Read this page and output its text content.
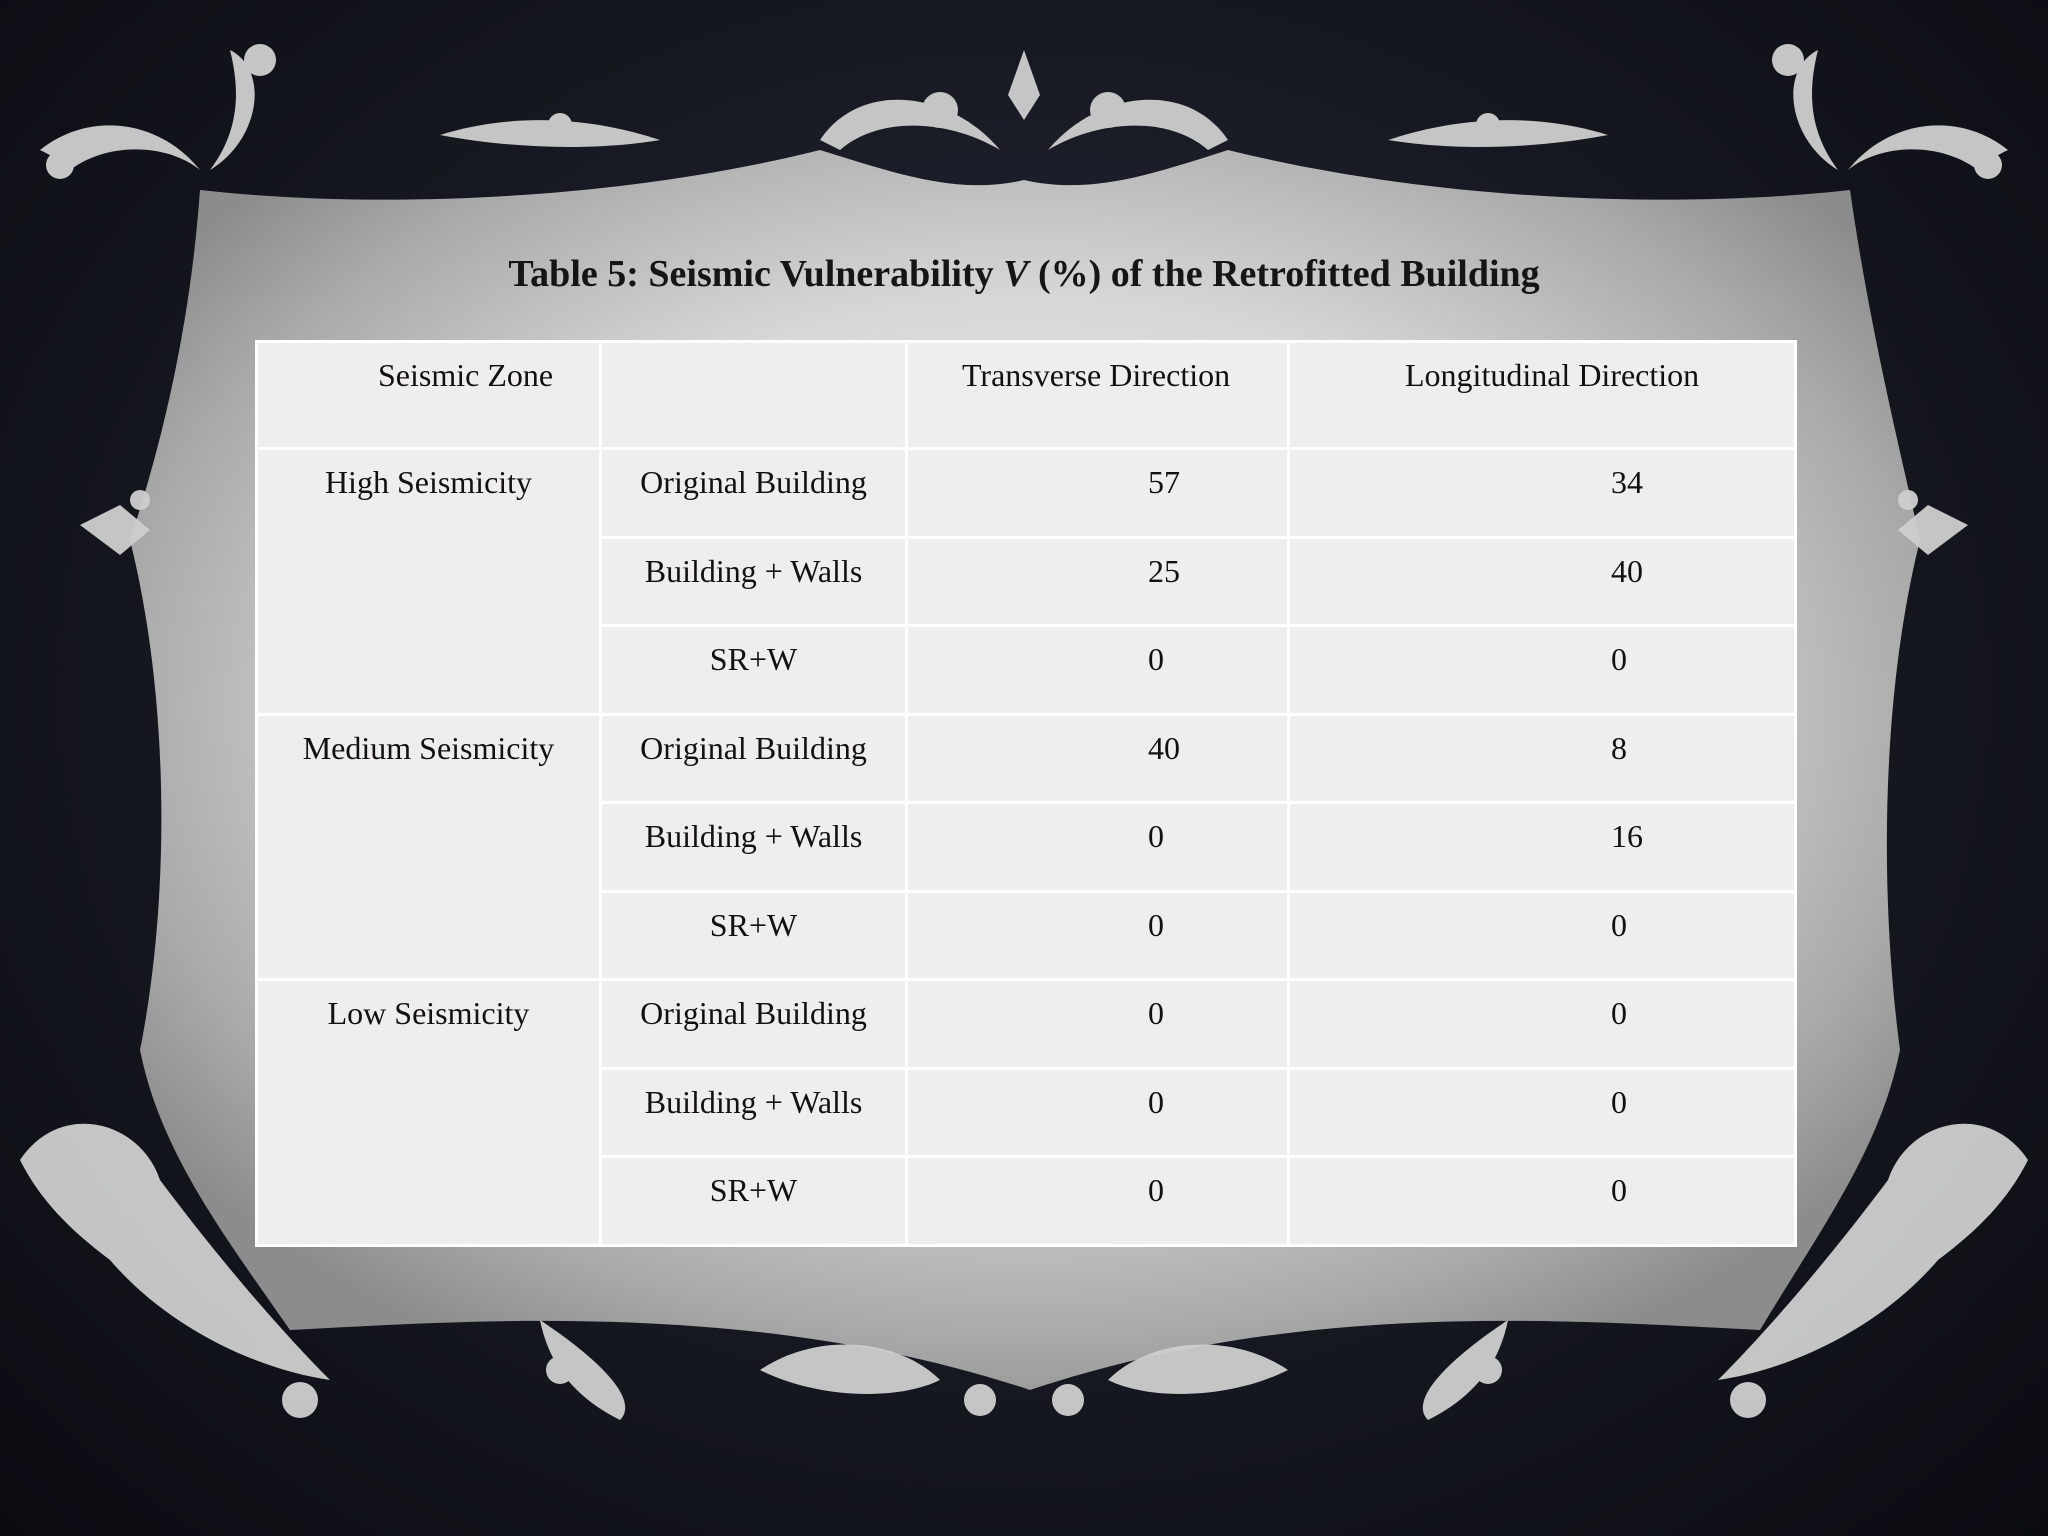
Table 5: Seismic Vulnerability V (%) of the Retrofitted Building
Seismic Zone		Transverse Direction	Longitudinal Direction
High Seismicity	Original Building	57	34
	Building + Walls	25	40
	SR+W	0	0
Medium Seismicity	Original Building	40	8
	Building + Walls	0	16
	SR+W	0	0
Low Seismicity	Original Building	0	0
	Building + Walls	0	0
	SR+W	0	0
